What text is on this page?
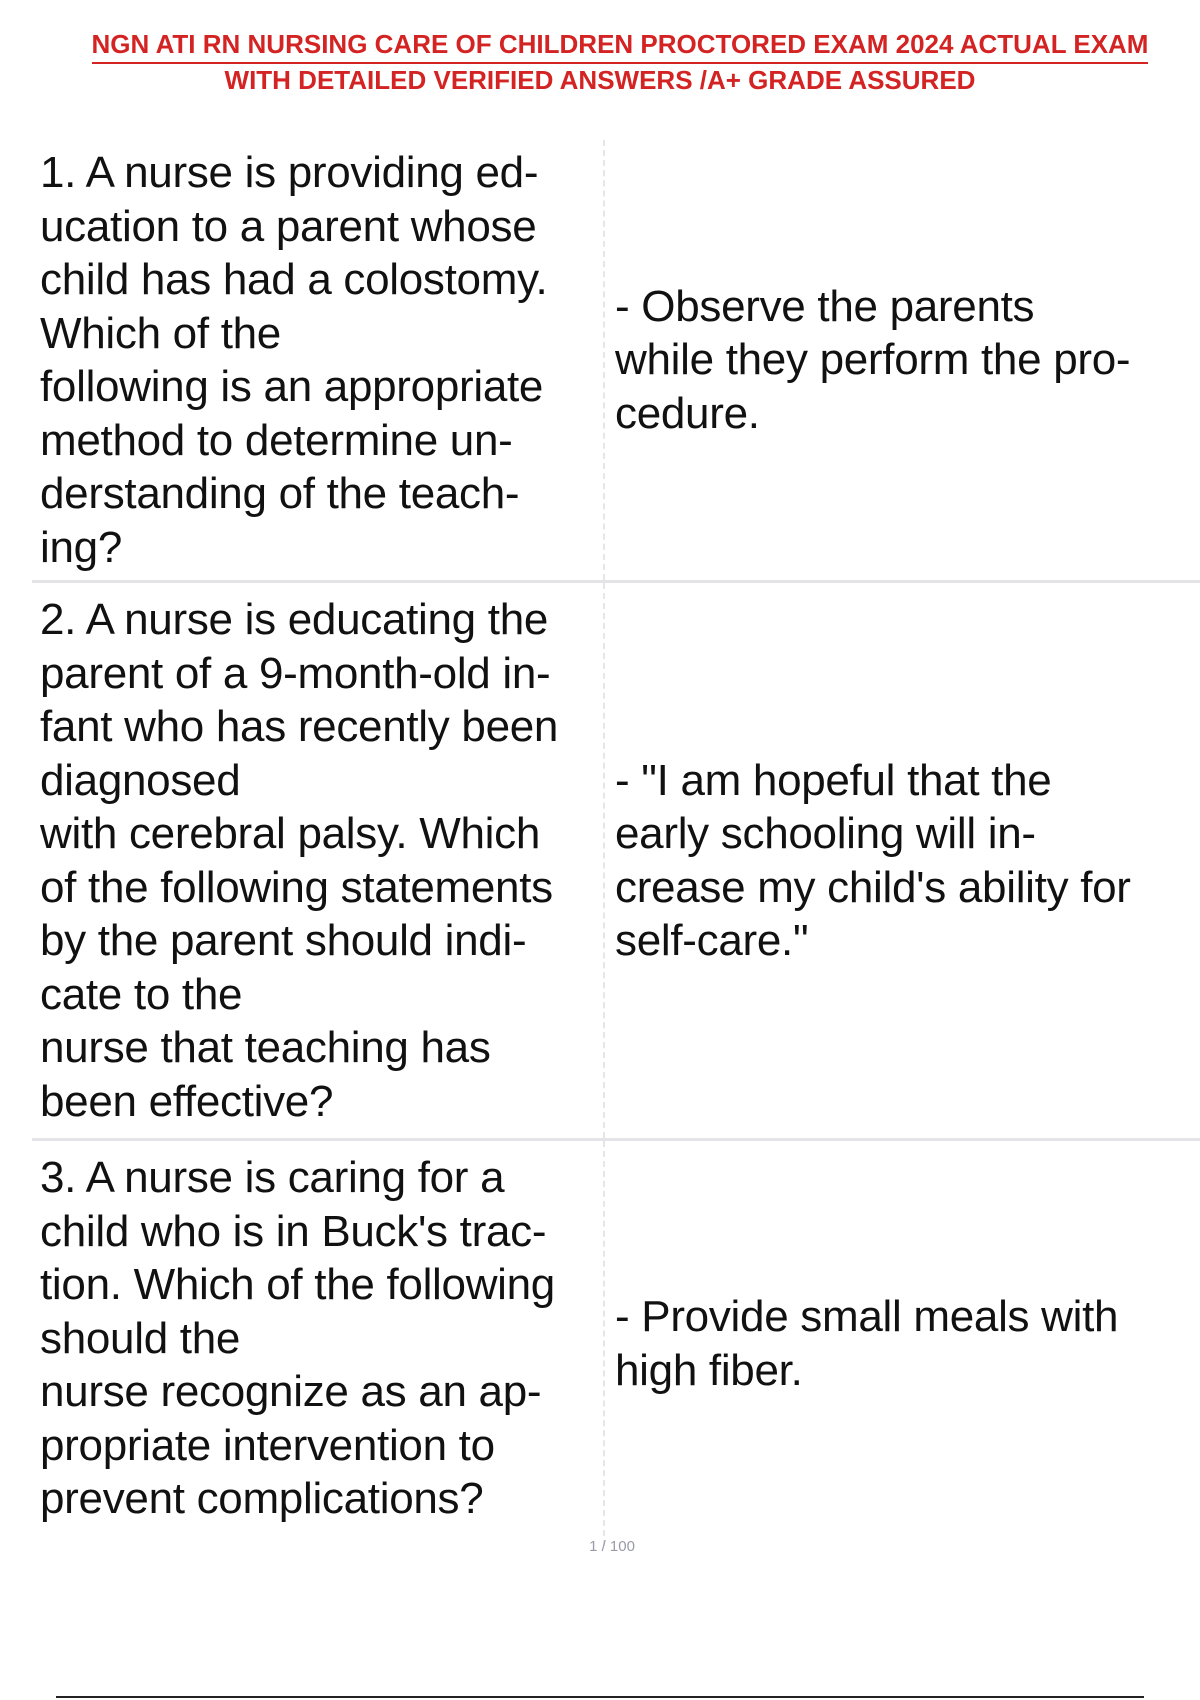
NGN ATI RN NURSING CARE OF CHILDREN PROCTORED EXAM 2024 ACTUAL EXAM
WITH DETAILED VERIFIED ANSWERS /A+ GRADE ASSURED
1. A nurse is providing ed-
ucation to a parent whose
child has had a colostomy.
Which of the
following is an appropriate
method to determine un-
derstanding of the teach-
ing?
- Observe the parents
while they perform the pro-
cedure.
2. A nurse is educating the
parent of a 9-month-old in-
fant who has recently been
diagnosed
with cerebral palsy. Which
of the following statements
by the parent should indi-
cate to the
nurse that teaching has
been effective?
- "I am hopeful that the
early schooling will in-
crease my child's ability for
self-care."
3. A nurse is caring for a
child who is in Buck's trac-
tion. Which of the following
should the
nurse recognize as an ap-
propriate intervention to
prevent complications?
- Provide small meals with
high fiber.
1 / 100
